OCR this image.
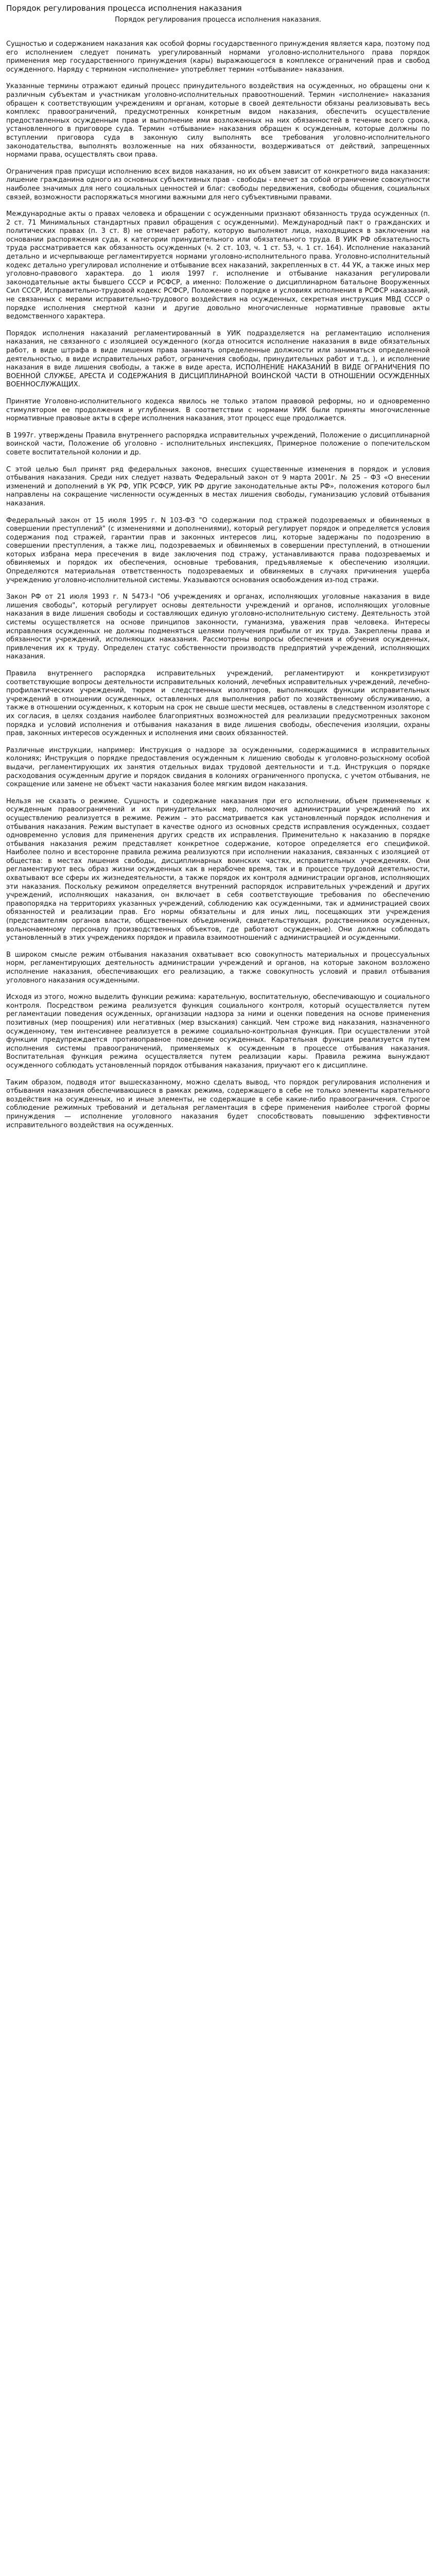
Порядок регулирования процесса исполнения наказания
Порядок регулирования процесса исполнения наказания.

Сущностью и содержанием наказания как особой формы государственного принуждения является кара, поэтому под его исполнением следует понимать урегулированный нормами уголовно-исполнительного права порядок применения мер государственного принуждения (кары) выражающегося в комплексе ограничений прав и свобод осужденного. Наряду с термином «исполнение» употребляет термин «отбывание» наказания.

Указанные термины отражают единый процесс принудительного воздействия на осужденных, но обращены они к различным субъектам и участникам уголовно-исполнительных правоотношений. Термин «исполнение» наказания обращен к соответствующим учреждениям и органам, которые в своей деятельности обязаны реализовывать весь комплекс правоограничений, предусмотренных конкретным видом наказания, обеспечить осуществление предоставленных осужденным прав и выполнение ими возложенных на них обязанностей в течение всего срока, установленного в приговоре суда. Термин «отбывание» наказания обращен к осужденным, которые должны по вступлении приговора суда в законную силу выполнять все требования уголовно-исполнительного законодательства, выполнять возложенные на них обязанности, воздерживаться от действий, запрещенных нормами права, осуществлять свои права.

Ограничения прав присущи исполнению всех видов наказания, но их объем зависит от конкретного вида наказания: лишение гражданина одного из основных субъективных прав - свободы - влечет за собой ограничение совокупности наиболее значимых для него социальных ценностей и благ: свободы передвижения, свободы общения, социальных связей, возможности распоряжаться многими важными для него субъективными правами.

Международные акты о правах человека и обращении с осужденными признают обязанность труда осужденных (п. 2 ст. 71 Минимальных стандартных правил обращения с осужденными). Международный пакт о гражданских и политических правах (п. 3 ст. 8) не отмечает работу, которую выполняют лица, находящиеся в заключении на основании распоряжения суда, к категории принудительного или обязательного труда. В УИК РФ обязательность труда рассматривается как обязанность осужденных (ч. 2 ст. 103, ч. 1 ст. 53, ч. 1 ст. 164). Исполнение наказаний детально и исчерпывающе регламентируется нормами уголовно-исполнительного права. Уголовно-исполнительный кодекс детально урегулировал исполнение и отбывание всех наказаний, закрепленных в ст. 44 УК, а также иных мер уголовно-правового характера. до 1 июля 1997 г. исполнение и отбывание наказания регулировали законодательные акты бывшего СССР и РСФСР, а именно: Положение о дисциплинарном батальоне Вооруженных Сил СССР, Исправительно-трудовой кодекс РСФСР, Положение о порядке и условиях исполнения в РСФСР наказаний, не связанных с мерами исправительно-трудового воздействия на осужденных, секретная инструкция МВД СССР о порядке исполнения смертной казни и другие довольно многочисленные нормативные правовые акты ведомственного характера.

Порядок исполнения наказаний регламентированный в УИК подразделяется на регламентацию исполнения наказания, не связанного с изоляцией осужденного (когда относится исполнение наказания в виде обязательных работ, в виде штрафа в виде лишения права занимать определенные должности или заниматься определенной деятельностью, в виде исправительных работ, ограничения свободы, принудительных работ и т.д. ), и исполнение наказания в виде лишения свободы, а также в виде ареста, ИСПОЛНЕНИЕ НАКАЗАНИЙ В ВИДЕ ОГРАНИЧЕНИЯ ПО ВОЕННОЙ СЛУЖБЕ, АРЕСТА И СОДЕРЖАНИЯ В ДИСЦИПЛИНАРНОЙ ВОИНСКОЙ ЧАСТИ В ОТНОШЕНИИ ОСУЖДЕННЫХ ВОЕННОСЛУЖАЩИХ.

Принятие Уголовно-исполнительного кодекса явилось не только этапом правовой реформы, но и одновременно стимулятором ее продолжения и углубления. В соответствии с нормами УИК были приняты многочисленные нормативные правовые акты в сфере исполнения наказания, этот процесс еще продолжается.

В 1997г. утверждены Правила внутреннего распорядка исправительных учреждений, Положение о дисциплинарной воинской части, Положение об уголовно - исполнительных инспекциях, Примерное положение о попечительском совете воспитательной колонии и др.

С этой целью был принят ряд федеральных законов, внесших существенные изменения в порядок и условия отбывания наказания. Среди них следует назвать Федеральный закон от 9 марта 2001г. № 25 – ФЗ «О внесении изменений и дополнений в УК РФ, УПК РСФСР, УИК РФ другие законодательные акты РФ», положения которого был направлены на сокращение численности осужденных в местах лишения свободы, гуманизацию условий отбывания наказания.

Федеральный закон от 15 июля 1995 г. N 103-ФЗ "О содержании под стражей подозреваемых и обвиняемых в совершении преступлений" (с изменениями и дополнениями), который регулирует порядок и определяется условия содержания под стражей, гарантии прав и законных интересов лиц, которые задержаны по подозрению в совершении преступления, а также лиц, подозреваемых и обвиняемых в совершении преступлений, в отношении которых избрана мера пресечения в виде заключения под стражу, устанавливаются права подозреваемых и обвиняемых и порядок их обеспечения, основные требования, предъявляемые к обеспечению изоляции. Определяются материальная ответственность подозреваемых и обвиняемых в случаях причинения ущерба учреждению уголовно-исполнительной системы. Указываются основания освобождения из-под стражи.

Закон РФ от 21 июля 1993 г. N 5473-I "Об учреждениях и органах, исполняющих уголовные наказания в виде лишения свободы", который регулирует основы деятельности учреждений и органов, исполняющих уголовные наказания в виде лишения свободы и составляющих единую уголовно-исполнительную систему. Деятельность этой системы осуществляется на основе принципов законности, гуманизма, уважения прав человека. Интересы исправления осужденных не должны подменяться целями получения прибыли от их труда. Закреплены права и обязанности учреждений, исполняющих наказания. Рассмотрены вопросы обеспечения и обучения осужденных, привлечения их к труду. Определен статус собственности производств предприятий учреждений, исполняющих наказания.

Правила внутреннего распорядка исправительных учреждений, регламентируют и конкретизируют соответствующие вопросы деятельности исправительных колоний, лечебных исправительных учреждений, лечебно-профилактических учреждений, тюрем и следственных изоляторов, выполняющих функции исправительных учреждений в отношении осужденных, оставленных для выполнения работ по хозяйственному обслуживанию, а также в отношении осужденных, к которым на срок не свыше шести месяцев, оставлены в следственном изоляторе с их согласия, в целях создания наиболее благоприятных возможностей для реализации предусмотренных законом порядка и условий исполнения и отбывания наказания в виде лишения свободы, обеспечения изоляции, охраны прав, законных интересов осужденных и исполнения ими своих обязанностей.

Различные инструкции, например: Инструкция о надзоре за осужденными, содержащимися в исправительных колониях; Инструкция о порядке предоставления осужденным к лишению свободы к уголовно-розыскному особой выдачи, регламентирующих их занятия отдельных видах трудовой деятельности и т.д. Инструкция о порядке расходования осужденным другие и порядок свидания в колониях ограниченного пропуска, с учетом отбывания, не сокращение или замене не объект части наказания более мягким видом наказания.

Нельзя не сказать о режиме. Сущность и содержание наказания при его исполнении, объем применяемых к осужденным правоограничений и их принудительных мер, полномочия администрации учреждений по их осуществлению реализуется в режиме. Режим – это рассматривается как установленный порядок исполнения и отбывания наказания. Режим выступает в качестве одного из основных средств исправления осужденных, создает одновременно условия для применения других средств их исправления. Применительно к наказанию в порядке отбывания наказания режим представляет конкретное содержание, которое определяется его спецификой. Наиболее полно и всесторонне правила режима реализуются при исполнении наказания, связанных с изоляцией от общества: в местах лишения свободы, дисциплинарных воинских частях, исправительных учреждениях. Они регламентируют весь образ жизни осужденных как в нерабочее время, так и в процессе трудовой деятельности, охватывают все сферы их жизнедеятельности, а также порядок их контроля администрации органов, исполняющих эти наказания. Поскольку режимом определяется внутренний распорядок исправительных учреждений и других учреждений, исполняющих наказания, он включает в себя соответствующие требования по обеспечению правопорядка на территориях указанных учреждений, соблюдению как осужденными, так и администрацией своих обязанностей и реализации прав. Его нормы обязательны и для иных лиц, посещающих эти учреждения (представителям органов власти, общественных объединений, свидетельствующих, родственников осужденных, вольнонаемному персоналу производственных объектов, где работают осужденные). Они должны соблюдать установленный в этих учреждениях порядок и правила взаимоотношений с администрацией и осужденными.

В широком смысле режим отбывания наказания охватывает всю совокупность материальных и процессуальных норм, регламентирующих деятельность администрации учреждений и органов, на которые законом возложено исполнение наказания, обеспечивающих его реализацию, а также совокупность условий и правил отбывания уголовного наказания осужденными.

Исходя из этого, можно выделить функции режима: карательную, воспитательную, обеспечивающую и социального контроля. Посредством режима реализуется функция социального контроля, который осуществляется путем регламентации поведения осужденных, организации надзора за ними и оценки поведения на основе применения позитивных (мер поощрения) или негативных (мер взыскания) санкций. Чем строже вид наказания, назначенного осужденному, тем интенсивнее реализуется в режиме социально-контрольная функция. При осуществлении этой функции предупреждается противоправное поведение осужденных. Карательная функция реализуется путем исполнения системы правоограничений, применяемых к осужденным в процессе отбывания наказания. Воспитательная функция режима осуществляется путем реализации кары. Правила режима вынуждают осужденного соблюдать установленный порядок отбывания наказания, приучают его к дисциплине.

Таким образом, подводя итог вышесказанному, можно сделать вывод, что порядок регулирования исполнения и отбывания наказания обеспечивающиеся в рамках режима, содержащего в себе не только элементы карательного воздействия на осужденных, но и иные элементы, не содержащие в себе какие-либо правоограничения. Строгое соблюдение режимных требований и детальная регламентация в сфере применения наиболее строгой формы принуждения — исполнение уголовного наказания будет способствовать повышению эффективности исправительного воздействия на осужденных.
